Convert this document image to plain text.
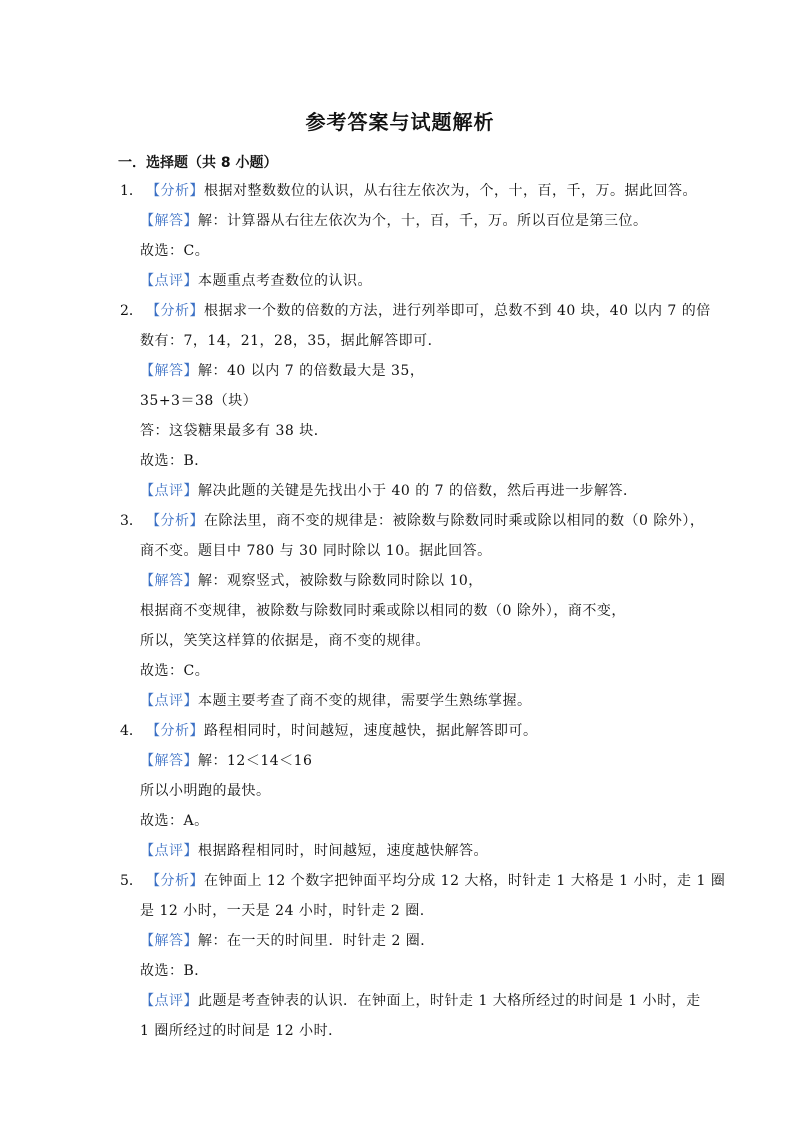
参考答案与试题解析
一．选择题（共 8 小题）
1． 【分析】根据对整数数位的认识，从右往左依次为，个，十，百，千，万。据此回答。
【解答】解：计算器从右往左依次为个，十，百，千，万。所以百位是第三位。
故选：C。
【点评】本题重点考查数位的认识。
2． 【分析】根据求一个数的倍数的方法，进行列举即可，总数不到 40 块，40 以内 7 的倍
数有：7，14，21，28，35，据此解答即可．
【解答】解：40 以内 7 的倍数最大是 35，
35+3＝38（块）
答：这袋糖果最多有 38 块．
故选：B．
【点评】解决此题的关键是先找出小于 40 的 7 的倍数，然后再进一步解答．
3． 【分析】在除法里，商不变的规律是：被除数与除数同时乘或除以相同的数（0 除外），
商不变。题目中 780 与 30 同时除以 10。据此回答。
【解答】解：观察竖式，被除数与除数同时除以 10，
根据商不变规律，被除数与除数同时乘或除以相同的数（0 除外），商不变，
所以，笑笑这样算的依据是，商不变的规律。
故选：C。
【点评】本题主要考查了商不变的规律，需要学生熟练掌握。
4． 【分析】路程相同时，时间越短，速度越快，据此解答即可。
【解答】解：12＜14＜16
所以小明跑的最快。
故选：A。
【点评】根据路程相同时，时间越短，速度越快解答。
5． 【分析】在钟面上 12 个数字把钟面平均分成 12 大格，时针走 1 大格是 1 小时，走 1 圈
是 12 小时，一天是 24 小时，时针走 2 圈.
【解答】解：在一天的时间里．时针走 2 圈．
故选：B．
【点评】此题是考查钟表的认识．在钟面上，时针走 1 大格所经过的时间是 1 小时，走
1 圈所经过的时间是 12 小时．
